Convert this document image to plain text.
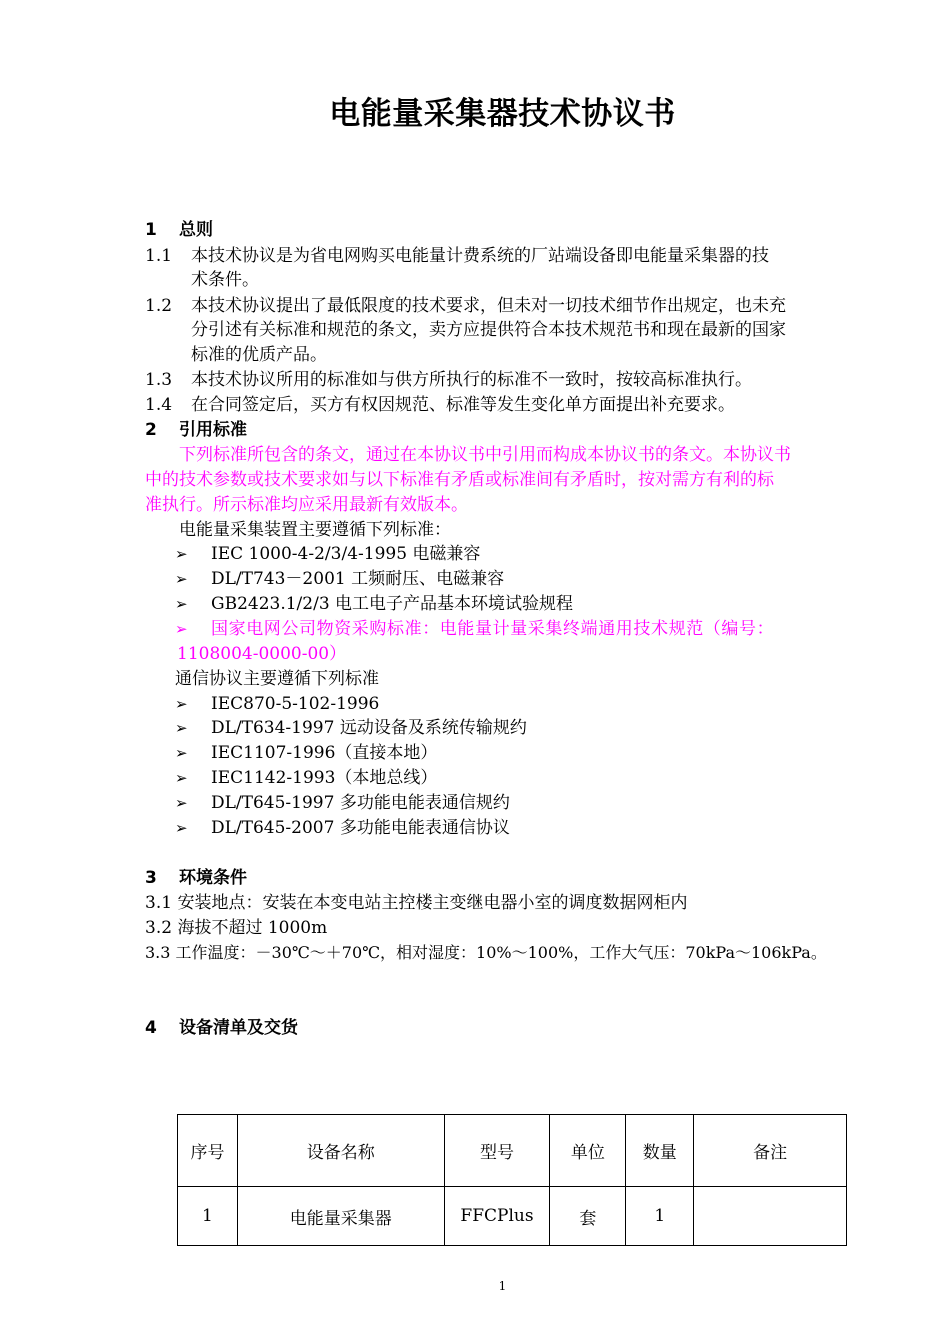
电能量采集器技术协议书
1 总则
1.1 本技术协议是为省电网购买电能量计费系统的厂站端设备即电能量采集器的技
术条件。
1.2 本技术协议提出了最低限度的技术要求，但未对一切技术细节作出规定，也未充
分引述有关标准和规范的条文，卖方应提供符合本技术规范书和现在最新的国家
标准的优质产品。
1.3 本技术协议所用的标准如与供方所执行的标准不一致时，按较高标准执行。
1.4 在合同签定后，买方有权因规范、标准等发生变化单方面提出补充要求。
2 引用标准
下列标准所包含的条文，通过在本协议书中引用而构成本协议书的条文。本协议书
中的技术参数或技术要求如与以下标准有矛盾或标准间有矛盾时，按对需方有利的标
准执行。所示标准均应采用最新有效版本。
电能量采集装置主要遵循下列标准：
➢ IEC 1000-4-2/3/4-1995 电磁兼容
➢ DL/T743－2001 工频耐压、电磁兼容
➢ GB2423.1/2/3 电工电子产品基本环境试验规程
➢ 国家电网公司物资采购标准：电能量计量采集终端通用技术规范（编号：
1108004-0000-00）
通信协议主要遵循下列标准
➢ IEC870-5-102-1996
➢ DL/T634-1997 远动设备及系统传输规约
➢ IEC1107-1996（直接本地）
➢ IEC1142-1993（本地总线）
➢ DL/T645-1997 多功能电能表通信规约
➢ DL/T645-2007 多功能电能表通信协议
3 环境条件
3.1 安装地点：安装在本变电站主控楼主变继电器小室的调度数据网柜内
3.2 海拔不超过 1000m
3.3 工作温度：－30℃～＋70℃，相对湿度：10%～100%，工作大气压：70kPa～106kPa。
4 设备清单及交货
序号	设备名称	型号	单位	数量	备注
1	电能量采集器	FFCPlus	套	1	
1
